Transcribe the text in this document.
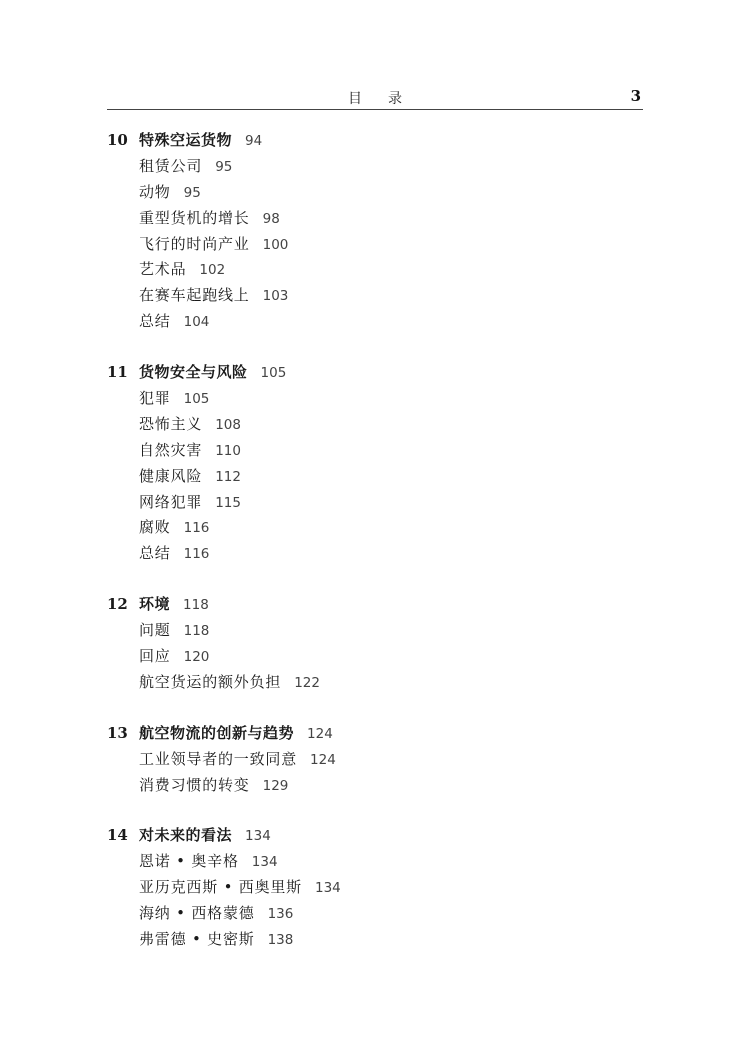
目录	3
10 特殊空运货物 94
租赁公司 95
动物 95
重型货机的增长 98
飞行的时尚产业 100
艺术品 102
在赛车起跑线上 103
总结 104
11 货物安全与风险 105
犯罪 105
恐怖主义 108
自然灾害 110
健康风险 112
网络犯罪 115
腐败 116
总结 116
12 环境 118
问题 118
回应 120
航空货运的额外负担 122
13 航空物流的创新与趋势 124
工业领导者的一致同意 124
消费习惯的转变 129
14 对未来的看法 134
恩诺 • 奥辛格 134
亚历克西斯 • 西奥里斯 134
海纳 • 西格蒙德 136
弗雷德 • 史密斯 138
